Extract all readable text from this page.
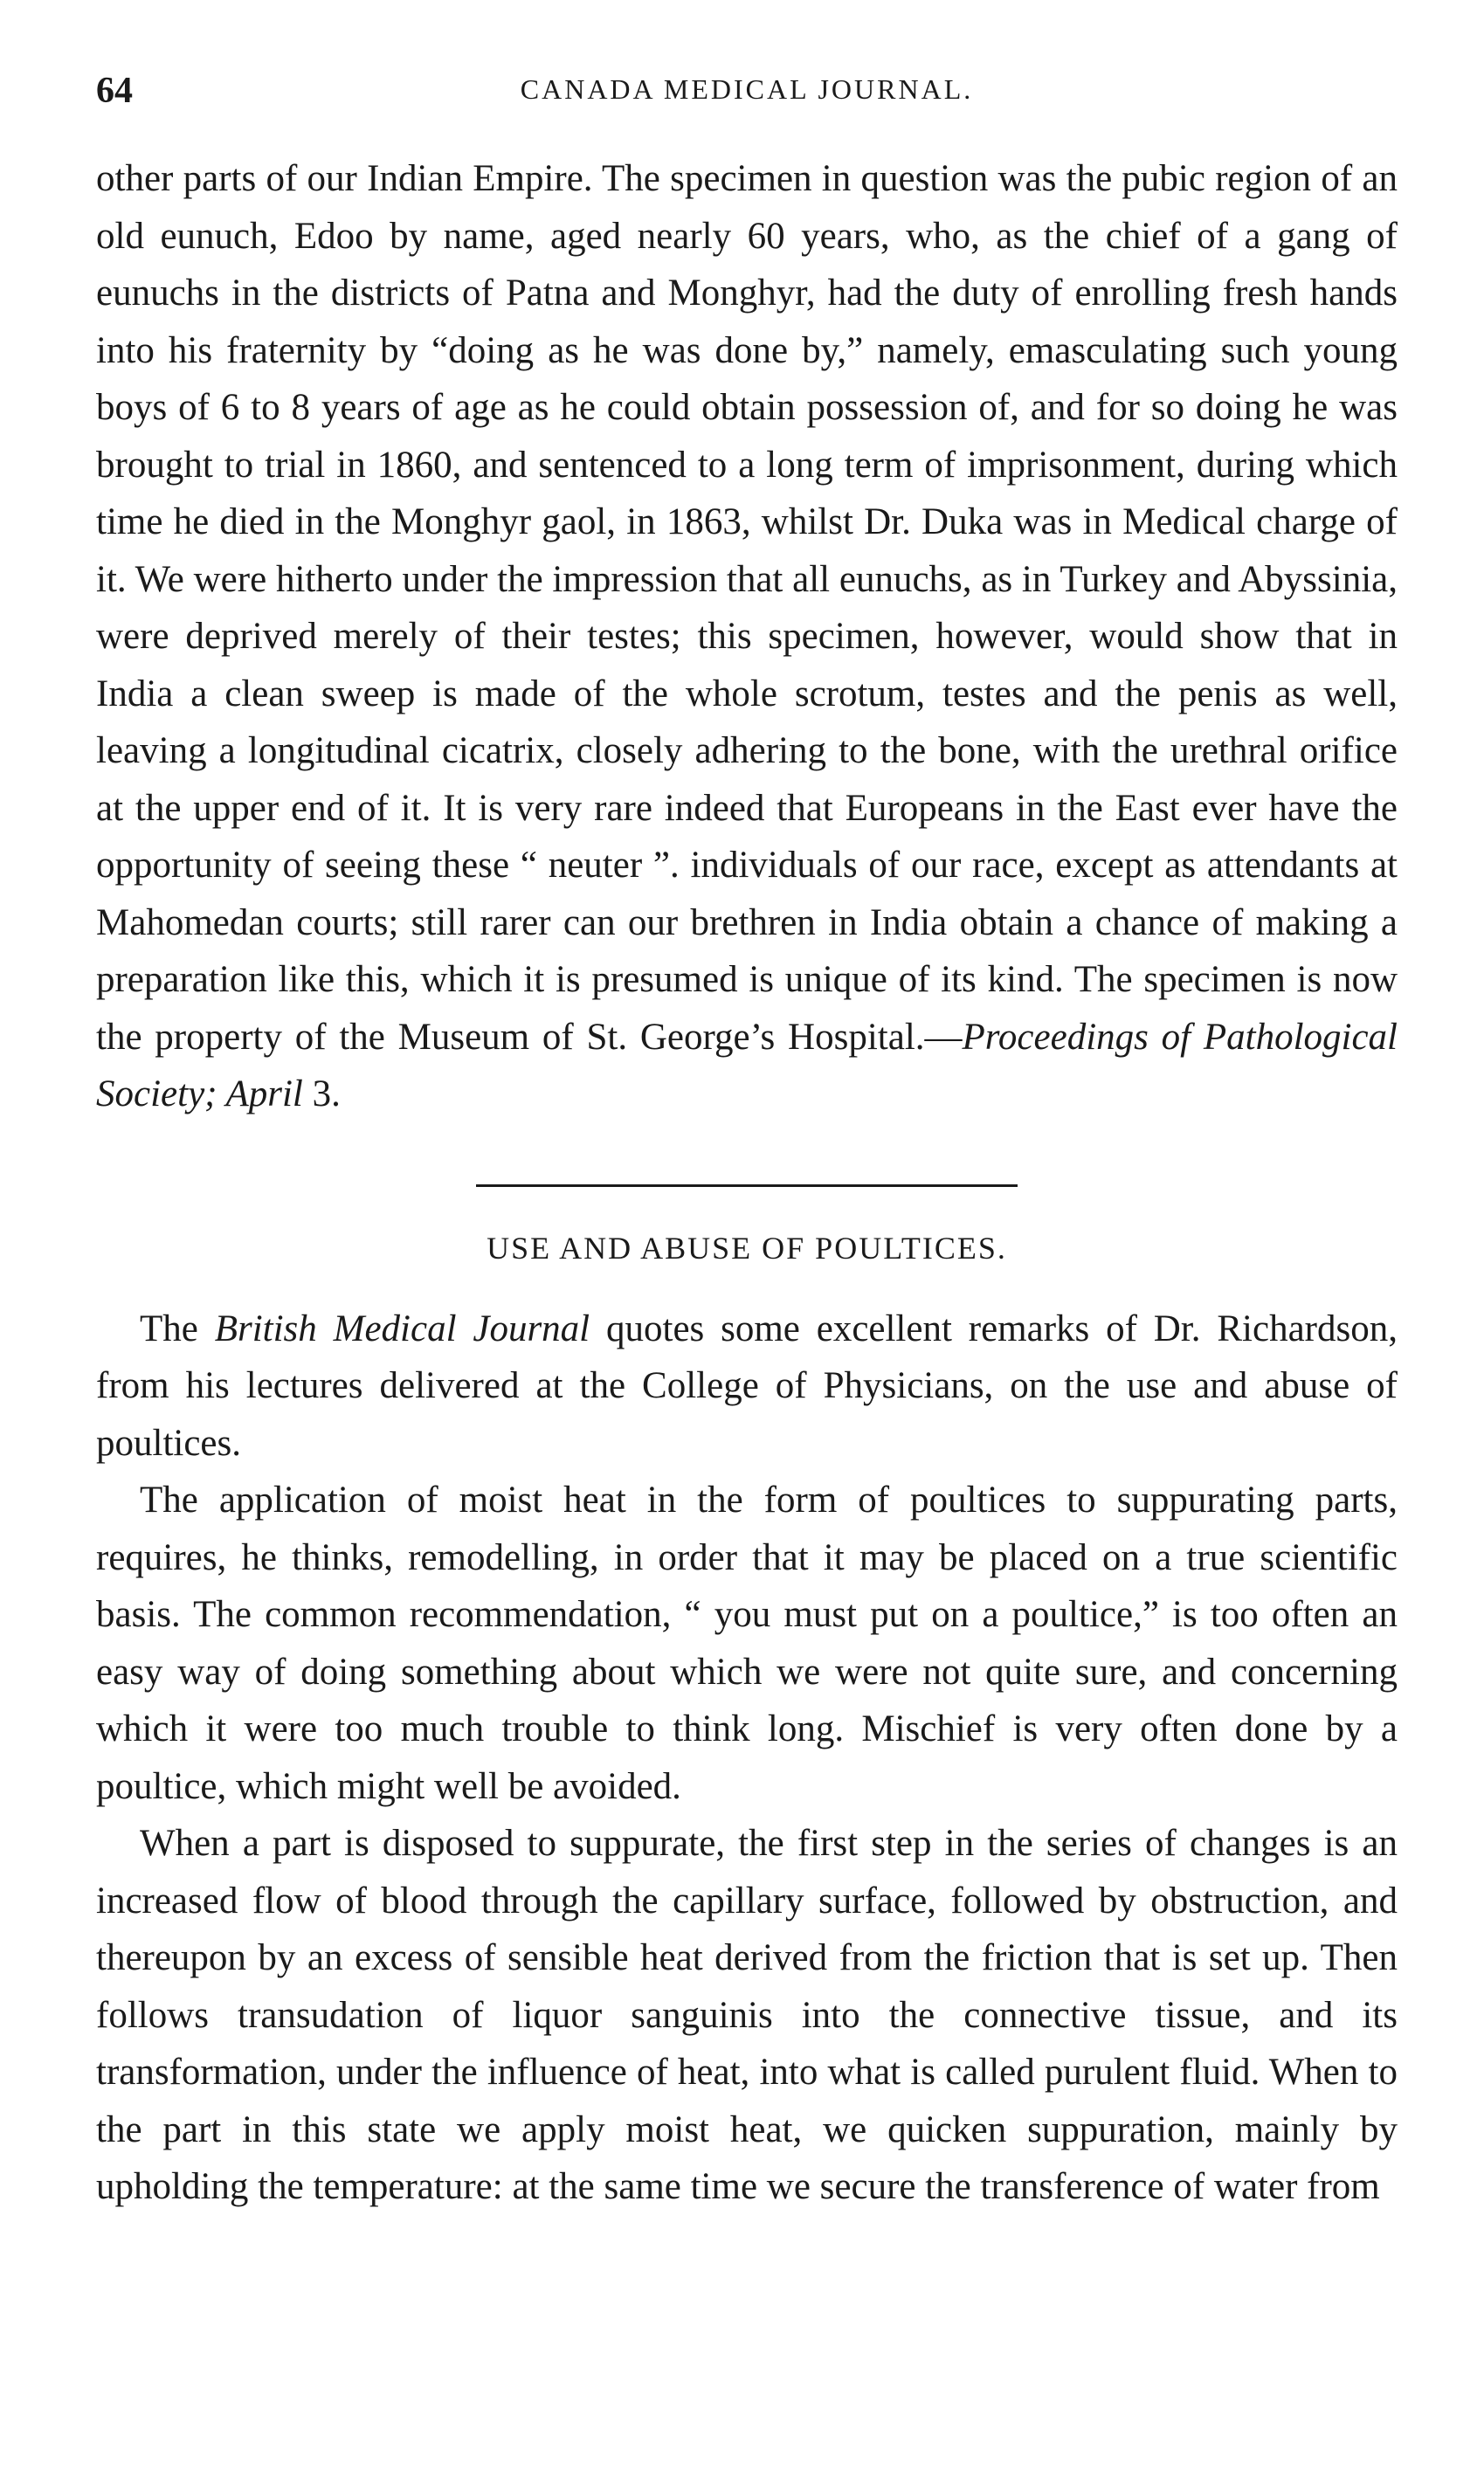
64	CANADA MEDICAL JOURNAL.

other parts of our Indian Empire. The specimen in question was the pubic region of an old eunuch, Edoo by name, aged nearly 60 years, who, as the chief of a gang of eunuchs in the districts of Patna and Monghyr, had the duty of enrolling fresh hands into his fraternity by “doing as he was done by,” namely, emasculating such young boys of 6 to 8 years of age as he could obtain possession of, and for so doing he was brought to trial in 1860, and sentenced to a long term of imprisonment, during which time he died in the Monghyr gaol, in 1863, whilst Dr. Duka was in Medical charge of it. We were hitherto under the impression that all eunuchs, as in Turkey and Abyssinia, were deprived merely of their testes; this specimen, however, would show that in India a clean sweep is made of the whole scrotum, testes and the penis as well, leaving a longitudinal cicatrix, closely adhering to the bone, with the urethral orifice at the upper end of it. It is very rare indeed that Europeans in the East ever have the opportunity of seeing these “ neuter ”. individuals of our race, except as attendants at Mahomedan courts; still rarer can our brethren in India obtain a chance of making a preparation like this, which it is presumed is unique of its kind. The specimen is now the property of the Museum of St. George’s Hospital.—Proceedings of Pathological Society; April 3.

USE AND ABUSE OF POULTICES.

The British Medical Journal quotes some excellent remarks of Dr. Richardson, from his lectures delivered at the College of Physicians, on the use and abuse of poultices.

The application of moist heat in the form of poultices to suppurating parts, requires, he thinks, remodelling, in order that it may be placed on a true scientific basis. The common recommendation, “ you must put on a poultice,” is too often an easy way of doing something about which we were not quite sure, and concerning which it were too much trouble to think long. Mischief is very often done by a poultice, which might well be avoided.

When a part is disposed to suppurate, the first step in the series of changes is an increased flow of blood through the capillary surface, followed by obstruction, and thereupon by an excess of sensible heat derived from the friction that is set up. Then follows transudation of liquor sanguinis into the connective tissue, and its transformation, under the influence of heat, into what is called purulent fluid. When to the part in this state we apply moist heat, we quicken suppuration, mainly by upholding the temperature: at the same time we secure the transference of water from
